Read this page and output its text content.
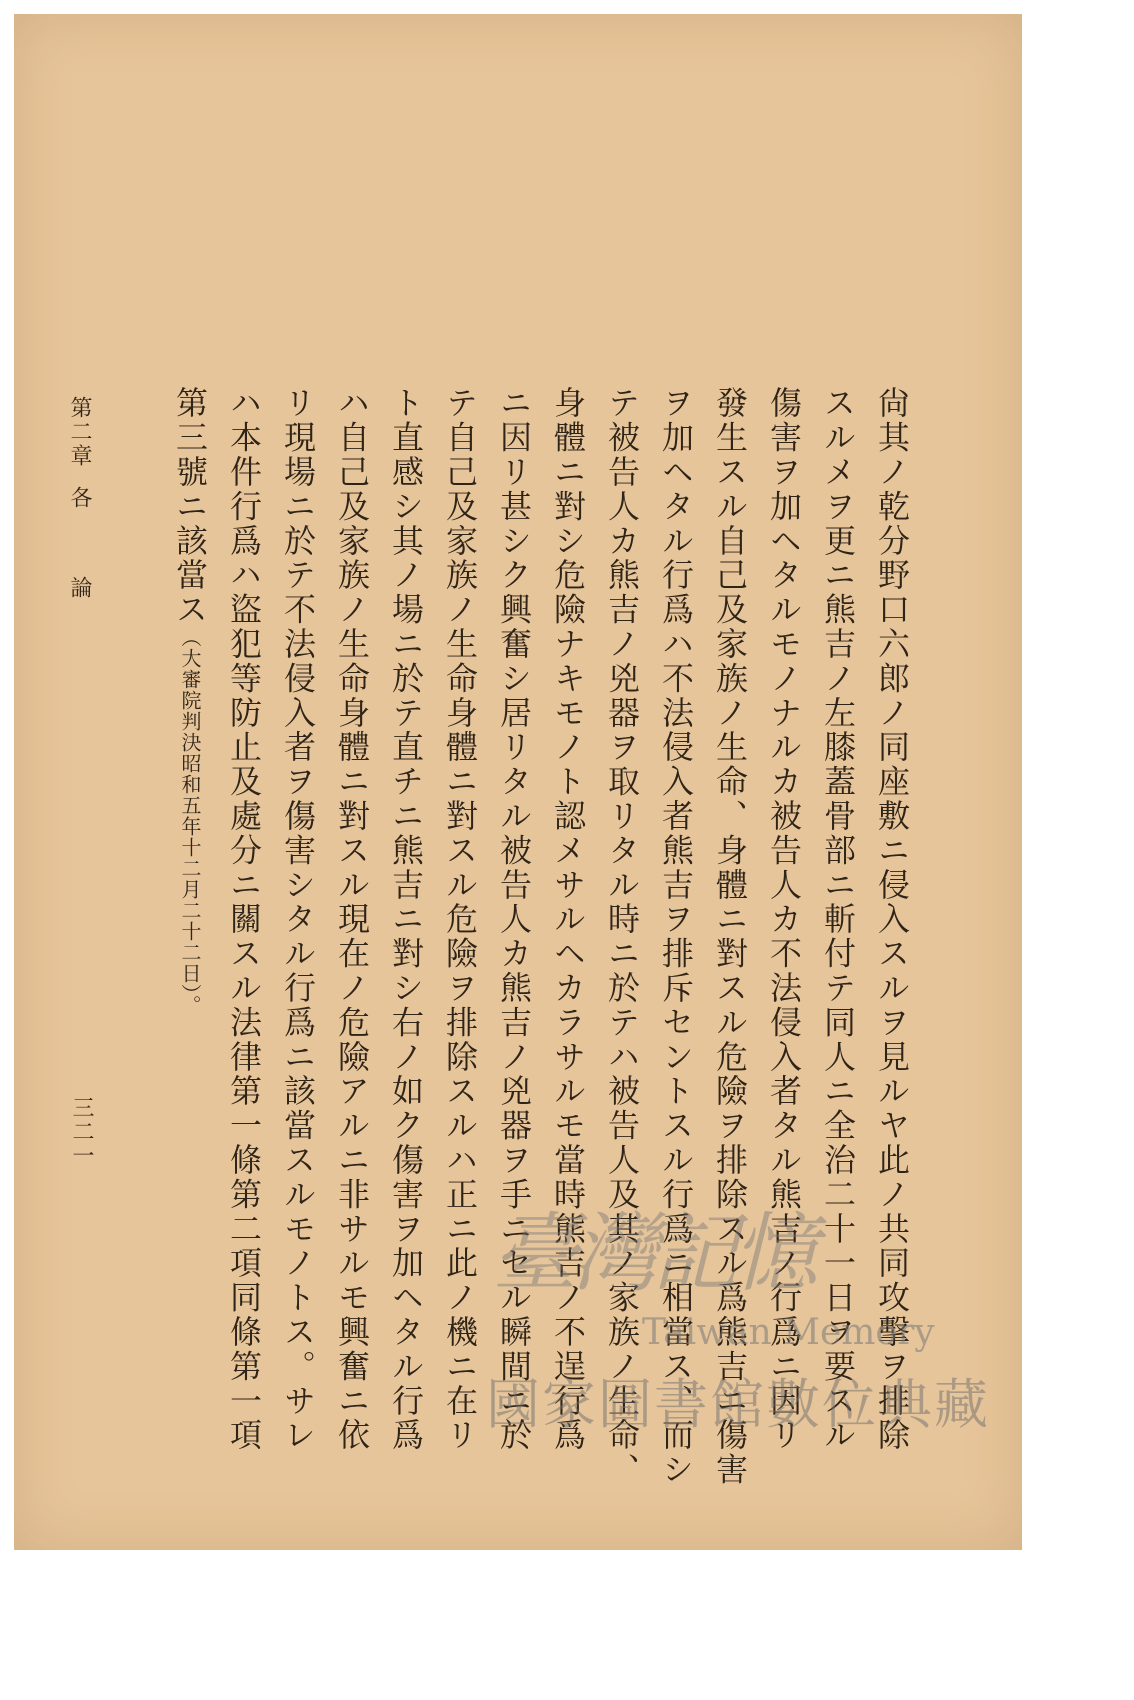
尙其ノ乾分野口六郎ノ同座敷ニ侵入スルヲ見ルヤ此ノ共同攻擊ヲ排除
スルメヲ更ニ熊吉ノ左膝蓋骨部ニ斬付テ同人ニ全治二十一日ヲ要スル
傷害ヲ加ヘタルモノナルカ被告人カ不法侵入者タル熊吉ノ行爲ニ因リ
發生スル自己及家族ノ生命、身體ニ對スル危險ヲ排除スル爲熊吉ニ傷害
ヲ加ヘタル行爲ハ不法侵入者熊吉ヲ排斥セントスル行爲ニ相當ス、而シ
テ被告人カ熊吉ノ兇器ヲ取リタル時ニ於テハ被告人及其ノ家族ノ生命、
身體ニ對シ危險ナキモノト認メサルヘカラサルモ當時熊吉ノ不逞行爲
ニ因リ甚シク興奮シ居リタル被告人カ熊吉ノ兇器ヲ手ニセル瞬間ニ於
テ自己及家族ノ生命身體ニ對スル危險ヲ排除スルハ正ニ此ノ機ニ在リ
ト直感シ其ノ場ニ於テ直チニ熊吉ニ對シ右ノ如ク傷害ヲ加ヘタル行爲
ハ自己及家族ノ生命身體ニ對スル現在ノ危險アルニ非サルモ興奮ニ依
リ現場ニ於テ不法侵入者ヲ傷害シタル行爲ニ該當スルモノトス。サレ
ハ本件行爲ハ盜犯等防止及處分ニ關スル法律第一條第二項同條第一項
第三號ニ該當ス（大審院判決昭和五年十二月二十二日）。
第二章
各論
三二一
臺灣記憶
Taiwan Memory
國家圖書館數位典藏
